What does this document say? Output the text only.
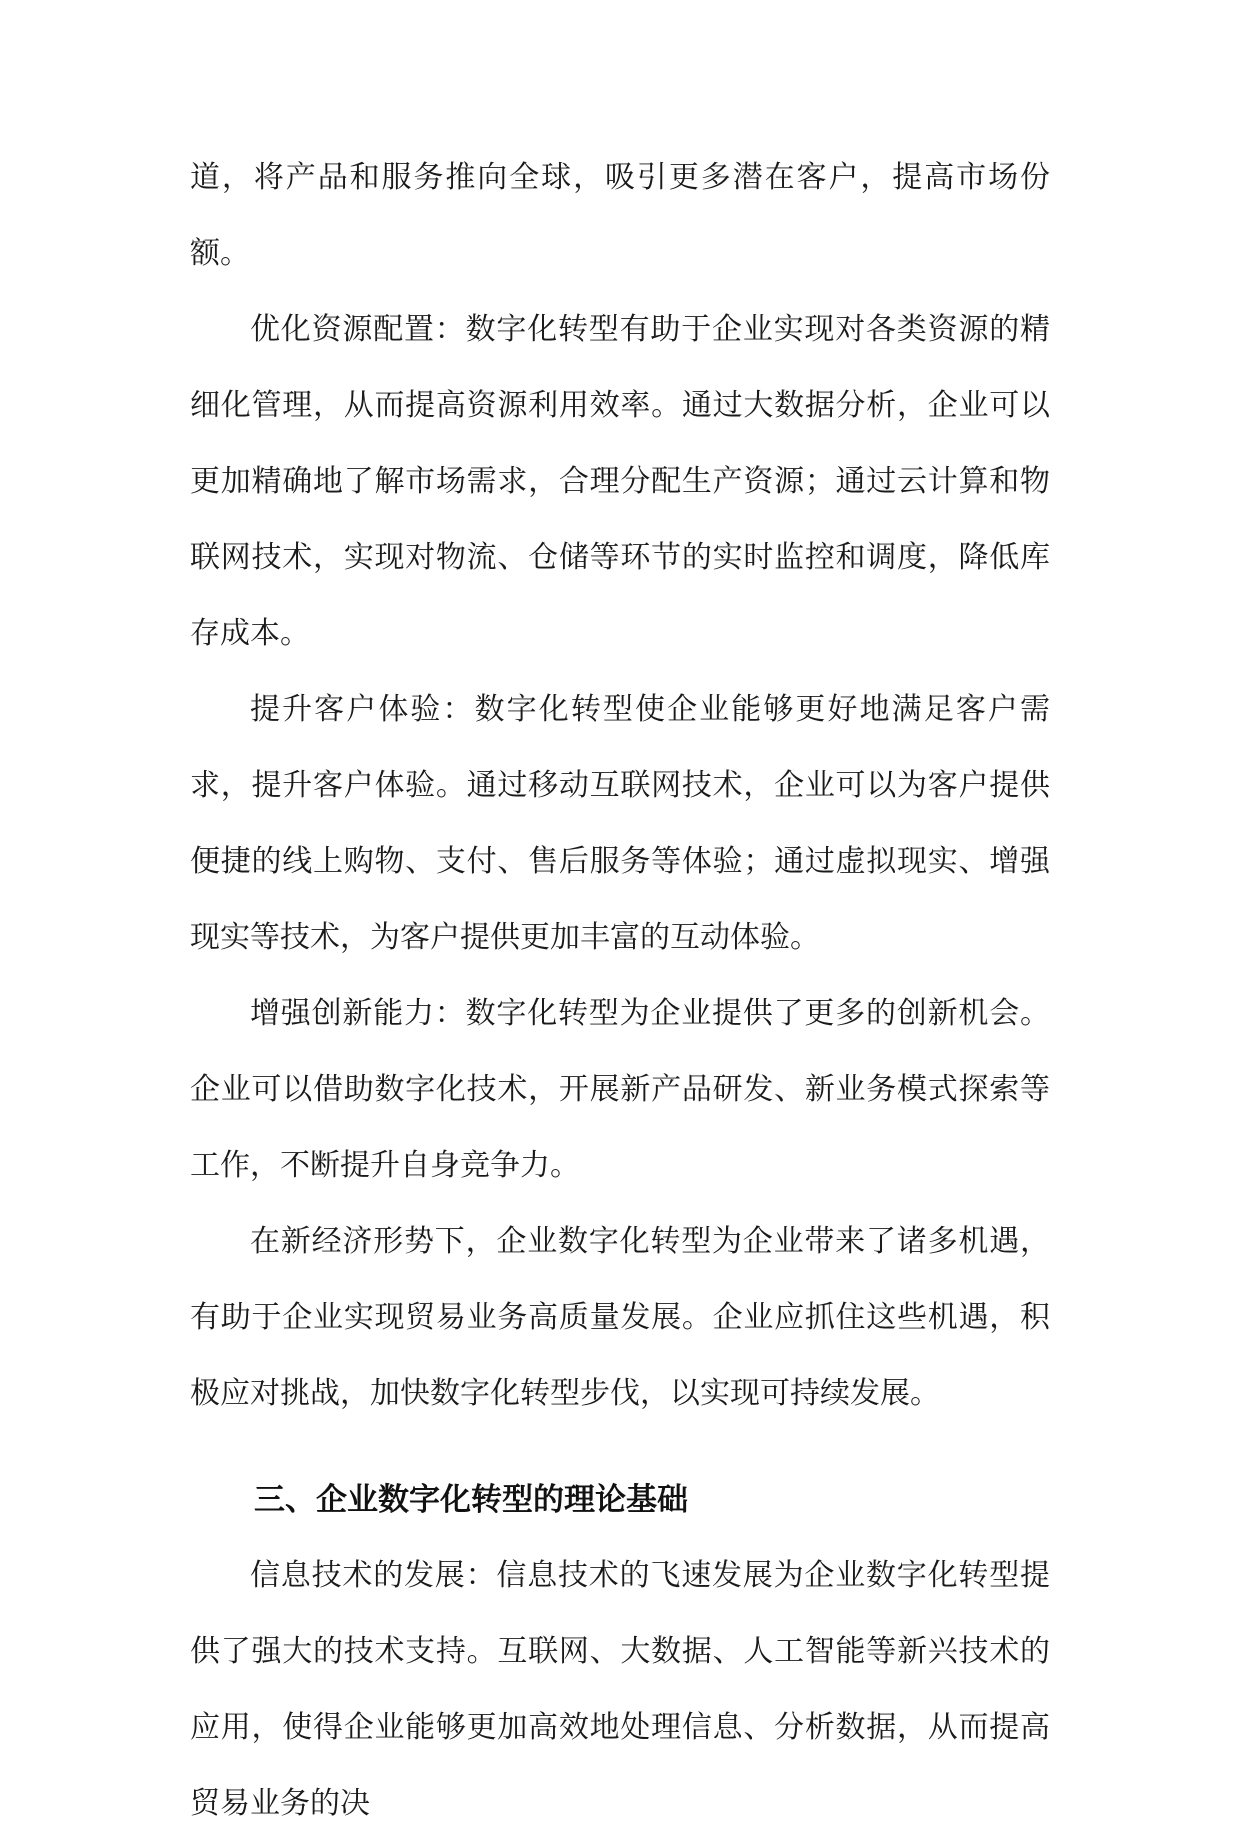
道，将产品和服务推向全球，吸引更多潜在客户，提高市场份额。

优化资源配置：数字化转型有助于企业实现对各类资源的精细化管理，从而提高资源利用效率。通过大数据分析，企业可以更加精确地了解市场需求，合理分配生产资源；通过云计算和物联网技术，实现对物流、仓储等环节的实时监控和调度，降低库存成本。

提升客户体验：数字化转型使企业能够更好地满足客户需求，提升客户体验。通过移动互联网技术，企业可以为客户提供便捷的线上购物、支付、售后服务等体验；通过虚拟现实、增强现实等技术，为客户提供更加丰富的互动体验。

增强创新能力：数字化转型为企业提供了更多的创新机会。企业可以借助数字化技术，开展新产品研发、新业务模式探索等工作，不断提升自身竞争力。

在新经济形势下，企业数字化转型为企业带来了诸多机遇，有助于企业实现贸易业务高质量发展。企业应抓住这些机遇，积极应对挑战，加快数字化转型步伐，以实现可持续发展。

三、企业数字化转型的理论基础

信息技术的发展：信息技术的飞速发展为企业数字化转型提供了强大的技术支持。互联网、大数据、人工智能等新兴技术的应用，使得企业能够更加高效地处理信息、分析数据，从而提高贸易业务的决
